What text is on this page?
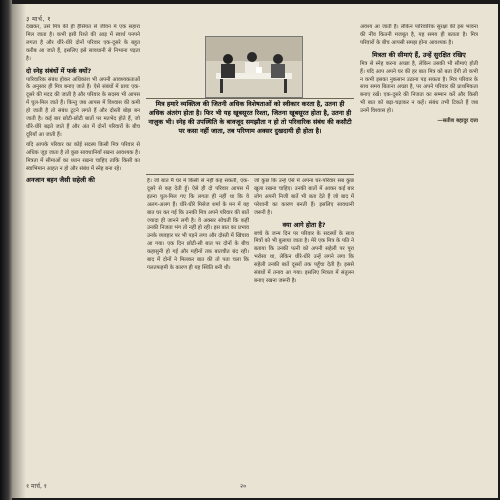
३ मार्च, १
मित्र हमारे व्यक्तित्व की जितनी अधिक विशेषताओं को स्वीकार करता है, उतना ही अधिक अंतरंग होता है। फिर भी यह खूबसूरत रिश्ता, जितना खूबसूरत होता है, उतना ही नाज़ुक भी। स्नेह की उपस्थिति के बावजूद समझौता न हो तो परिवारिक संबंध की कसौटी पर कसा नहीं जाता, तब परिणाम अक्सर दुखदायी ही होता है।

देखकर, उसे मित्र की ही हैसियत से जीवन में एक सहारा मिल जाता है। कभी इसी रिश्ते की आड़ में स्वार्थ पनपने लगता है और धीरे-धीरे दोनों परिवार एक-दूसरे के बहुत करीब आ जाते हैं, इसलिए इसे सावधानी से निभाना पड़ता है।

दो स्नेह संबंधों में फर्क क्यों?

पारिवारिक संबंध होकर अधिकांश भी अपनी आवश्यकताओं के अनुसार ही मित्र बनाए जाते हैं। ऐसे संबंधों में प्रायः एक-दूसरे की मदद की जाती है और परिवार के सदस्य भी आपस में घुल-मिल जाते हैं। किन्तु जब आपस में विश्वास की कमी हो जाती है तो संबंध टूटने लगते हैं और दोस्ती बोझ बन जाती है। कई बार छोटी-छोटी बातों पर मतभेद होते हैं, जो धीरे-धीरे बढ़ते जाते हैं और अंत में दोनों परिवारों के बीच दूरियाँ आ जाती हैं।

यदि आपके परिवार का कोई सदस्य किसी मित्र परिवार से अधिक जुड़ जाता है तो कुछ सावधानियाँ रखना आवश्यक है। मित्रता में सीमाओं का ध्यान रखना चाहिए ताकि किसी का स्वाभिमान आहत न हो और संबंध में स्नेह बना रहे।

अनजान बहन जैसी सहेली की	है। जो बात मैं घर में किसी से नहीं कह सकती, एक-दूसरे से कह देती हूँ। ऐसे ही दो परिवार आपस में इतना घुल-मिल गए कि लगता ही नहीं था कि वे अलग-अलग हैं। धीरे-धीरे मिसेज शर्मा के मन में यह बात घर कर गई कि उनकी मित्र अपने परिवार की बातें ज्यादा ही जानने लगी है। वे अक्सर सोचतीं कि कहीं उनकी निजता भंग तो नहीं हो रही। इस बात का प्रभाव उनके व्यवहार पर भी पड़ने लगा और दोस्ती में खिंचाव आ गया। एक दिन छोटी-सी बात पर दोनों के बीच कहासुनी हो गई और महीनों तक बातचीत बंद रही। बाद में दोनों ने मिलकर बात की तो पता चला कि गलतफहमी के कारण ही यह स्थिति बनी थी।

जो कुछ कि उन्हें ऐसे में अपना घर-परिवार सब कुछ खुला रखना चाहिए। उनकी बातों में आकर कई बार लोग अपनी निजी बातें भी बता देते हैं जो बाद में परेशानी का कारण बनती हैं। इसलिए सावधानी जरूरी है।

क्या आगे होता है?

बच्चे के जन्म दिन पर परिवार के सदस्यों के साथ मित्रों को भी बुलाया जाता है। मेरे एक मित्र के पति ने बताया कि उनकी पत्नी को अपनी सहेली पर पूरा भरोसा था, लेकिन धीरे-धीरे उन्हें लगने लगा कि सहेली उनकी बातें दूसरों तक पहुँचा देती है। इससे संबंधों में तनाव आ गया। इसलिए मित्रता में संतुलन बनाए रखना जरूरी है।

अवश्य आ जाती है। लेकिन पारिवारिक सुरक्षा की इस भावना की नींव कितनी मजबूत है, यह समय ही बताता है। मित्र परिवारों के बीच आपसी समझ होना आवश्यक है।

मित्रता की सीमाएं हैं, उन्हें सुरक्षित रखिए

मित्र से स्नेह करना अच्छा है, लेकिन उसकी भी सीमाएं होती हैं। यदि आप अपने घर की हर बात मित्र को बता देंगी तो कभी न कभी इसका नुकसान उठाना पड़ सकता है। मित्र परिवार के साथ समय बिताना अच्छा है, पर अपने परिवार की प्राथमिकता बनाए रखें। एक-दूसरे की निजता का सम्मान करें और किसी भी बात को बढ़ा-चढ़ाकर न कहें। संबंध तभी टिकते हैं जब उनमें विश्वास हो।

—सतीश बहादुर दत्ता

१ मार्च, १	२०
